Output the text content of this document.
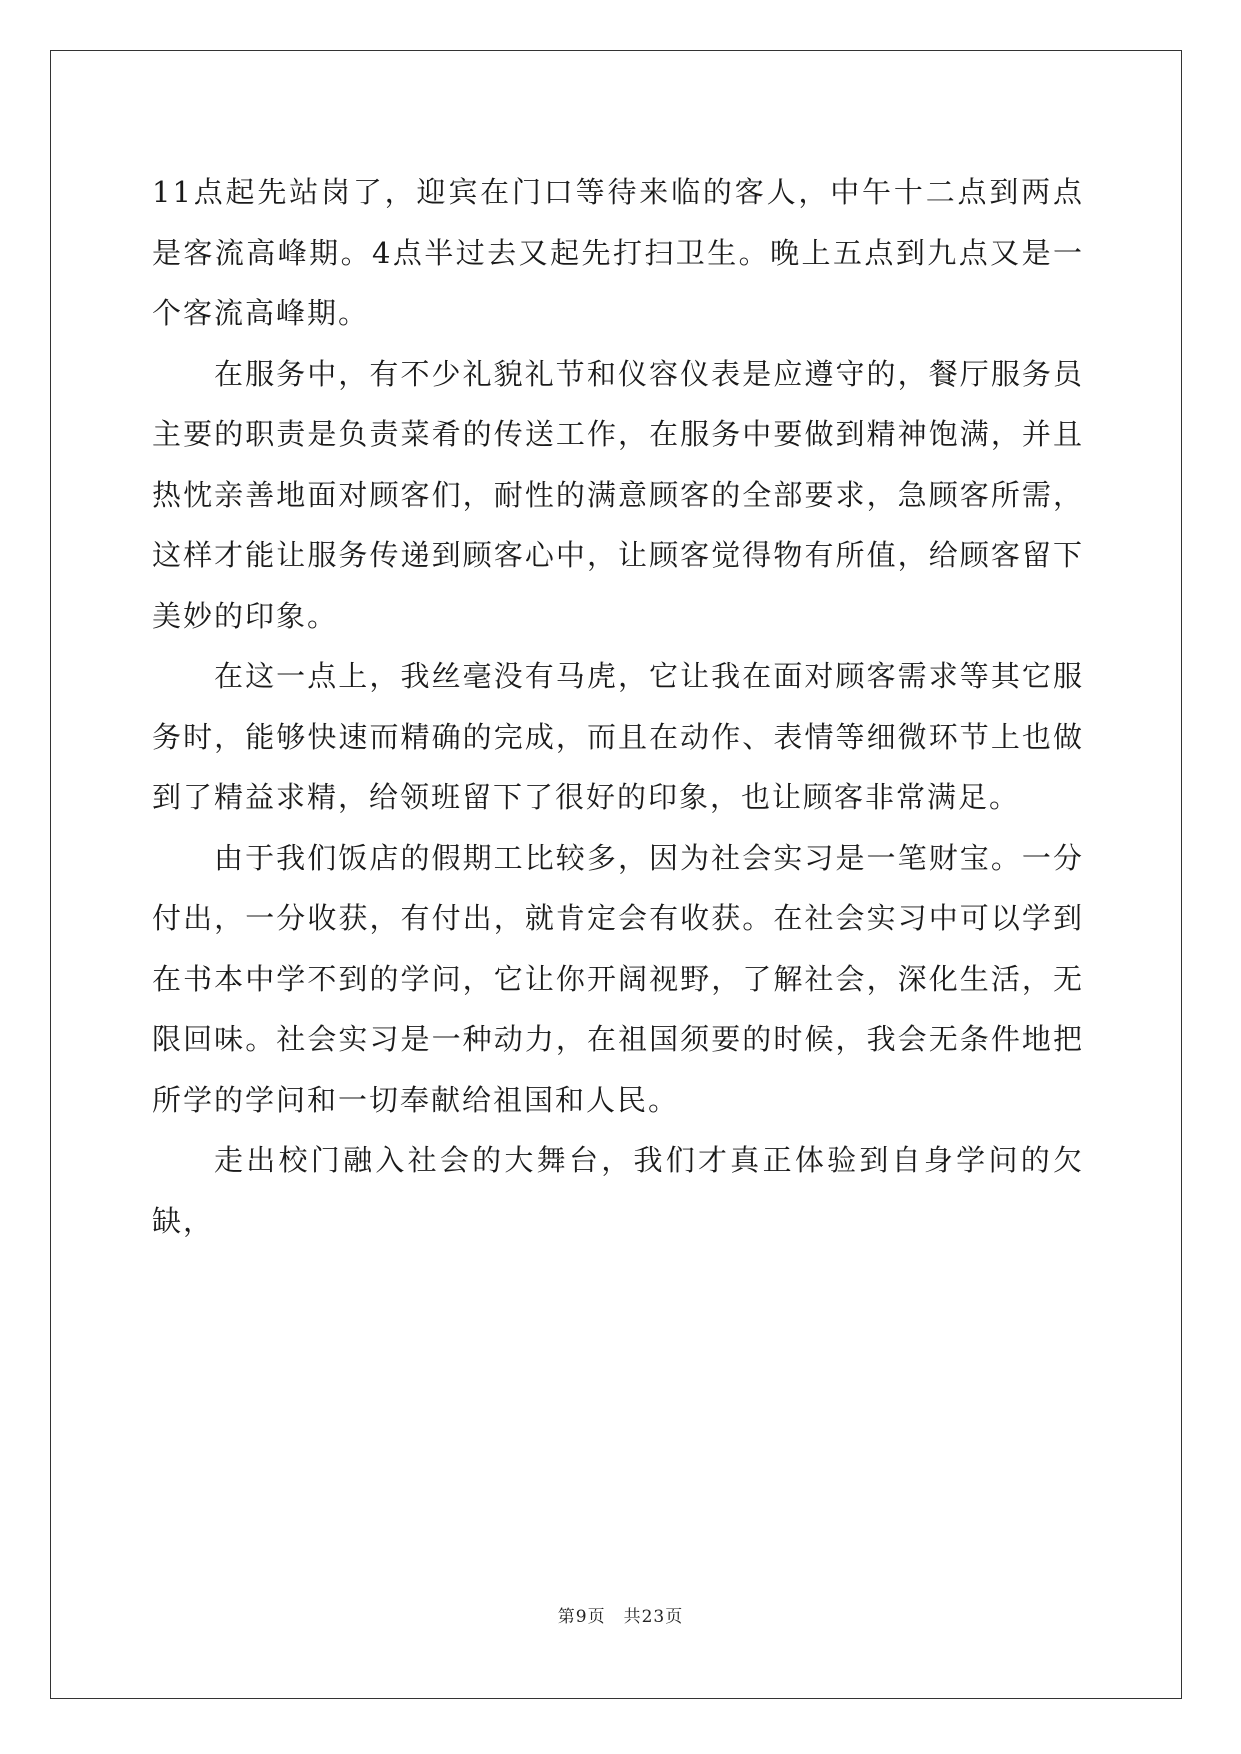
11点起先站岗了，迎宾在门口等待来临的客人，中午十二点到两点是客流高峰期。4点半过去又起先打扫卫生。晚上五点到九点又是一个客流高峰期。

在服务中，有不少礼貌礼节和仪容仪表是应遵守的，餐厅服务员主要的职责是负责菜肴的传送工作，在服务中要做到精神饱满，并且热忱亲善地面对顾客们，耐性的满意顾客的全部要求，急顾客所需，这样才能让服务传递到顾客心中，让顾客觉得物有所值，给顾客留下美妙的印象。

在这一点上，我丝毫没有马虎，它让我在面对顾客需求等其它服务时，能够快速而精确的完成，而且在动作、表情等细微环节上也做到了精益求精，给领班留下了很好的印象，也让顾客非常满足。

由于我们饭店的假期工比较多，因为社会实习是一笔财宝。一分付出，一分收获，有付出，就肯定会有收获。在社会实习中可以学到在书本中学不到的学问，它让你开阔视野，了解社会，深化生活，无限回味。社会实习是一种动力，在祖国须要的时候，我会无条件地把所学的学问和一切奉献给祖国和人民。

走出校门融入社会的大舞台，我们才真正体验到自身学问的欠缺，

第9页 共23页
